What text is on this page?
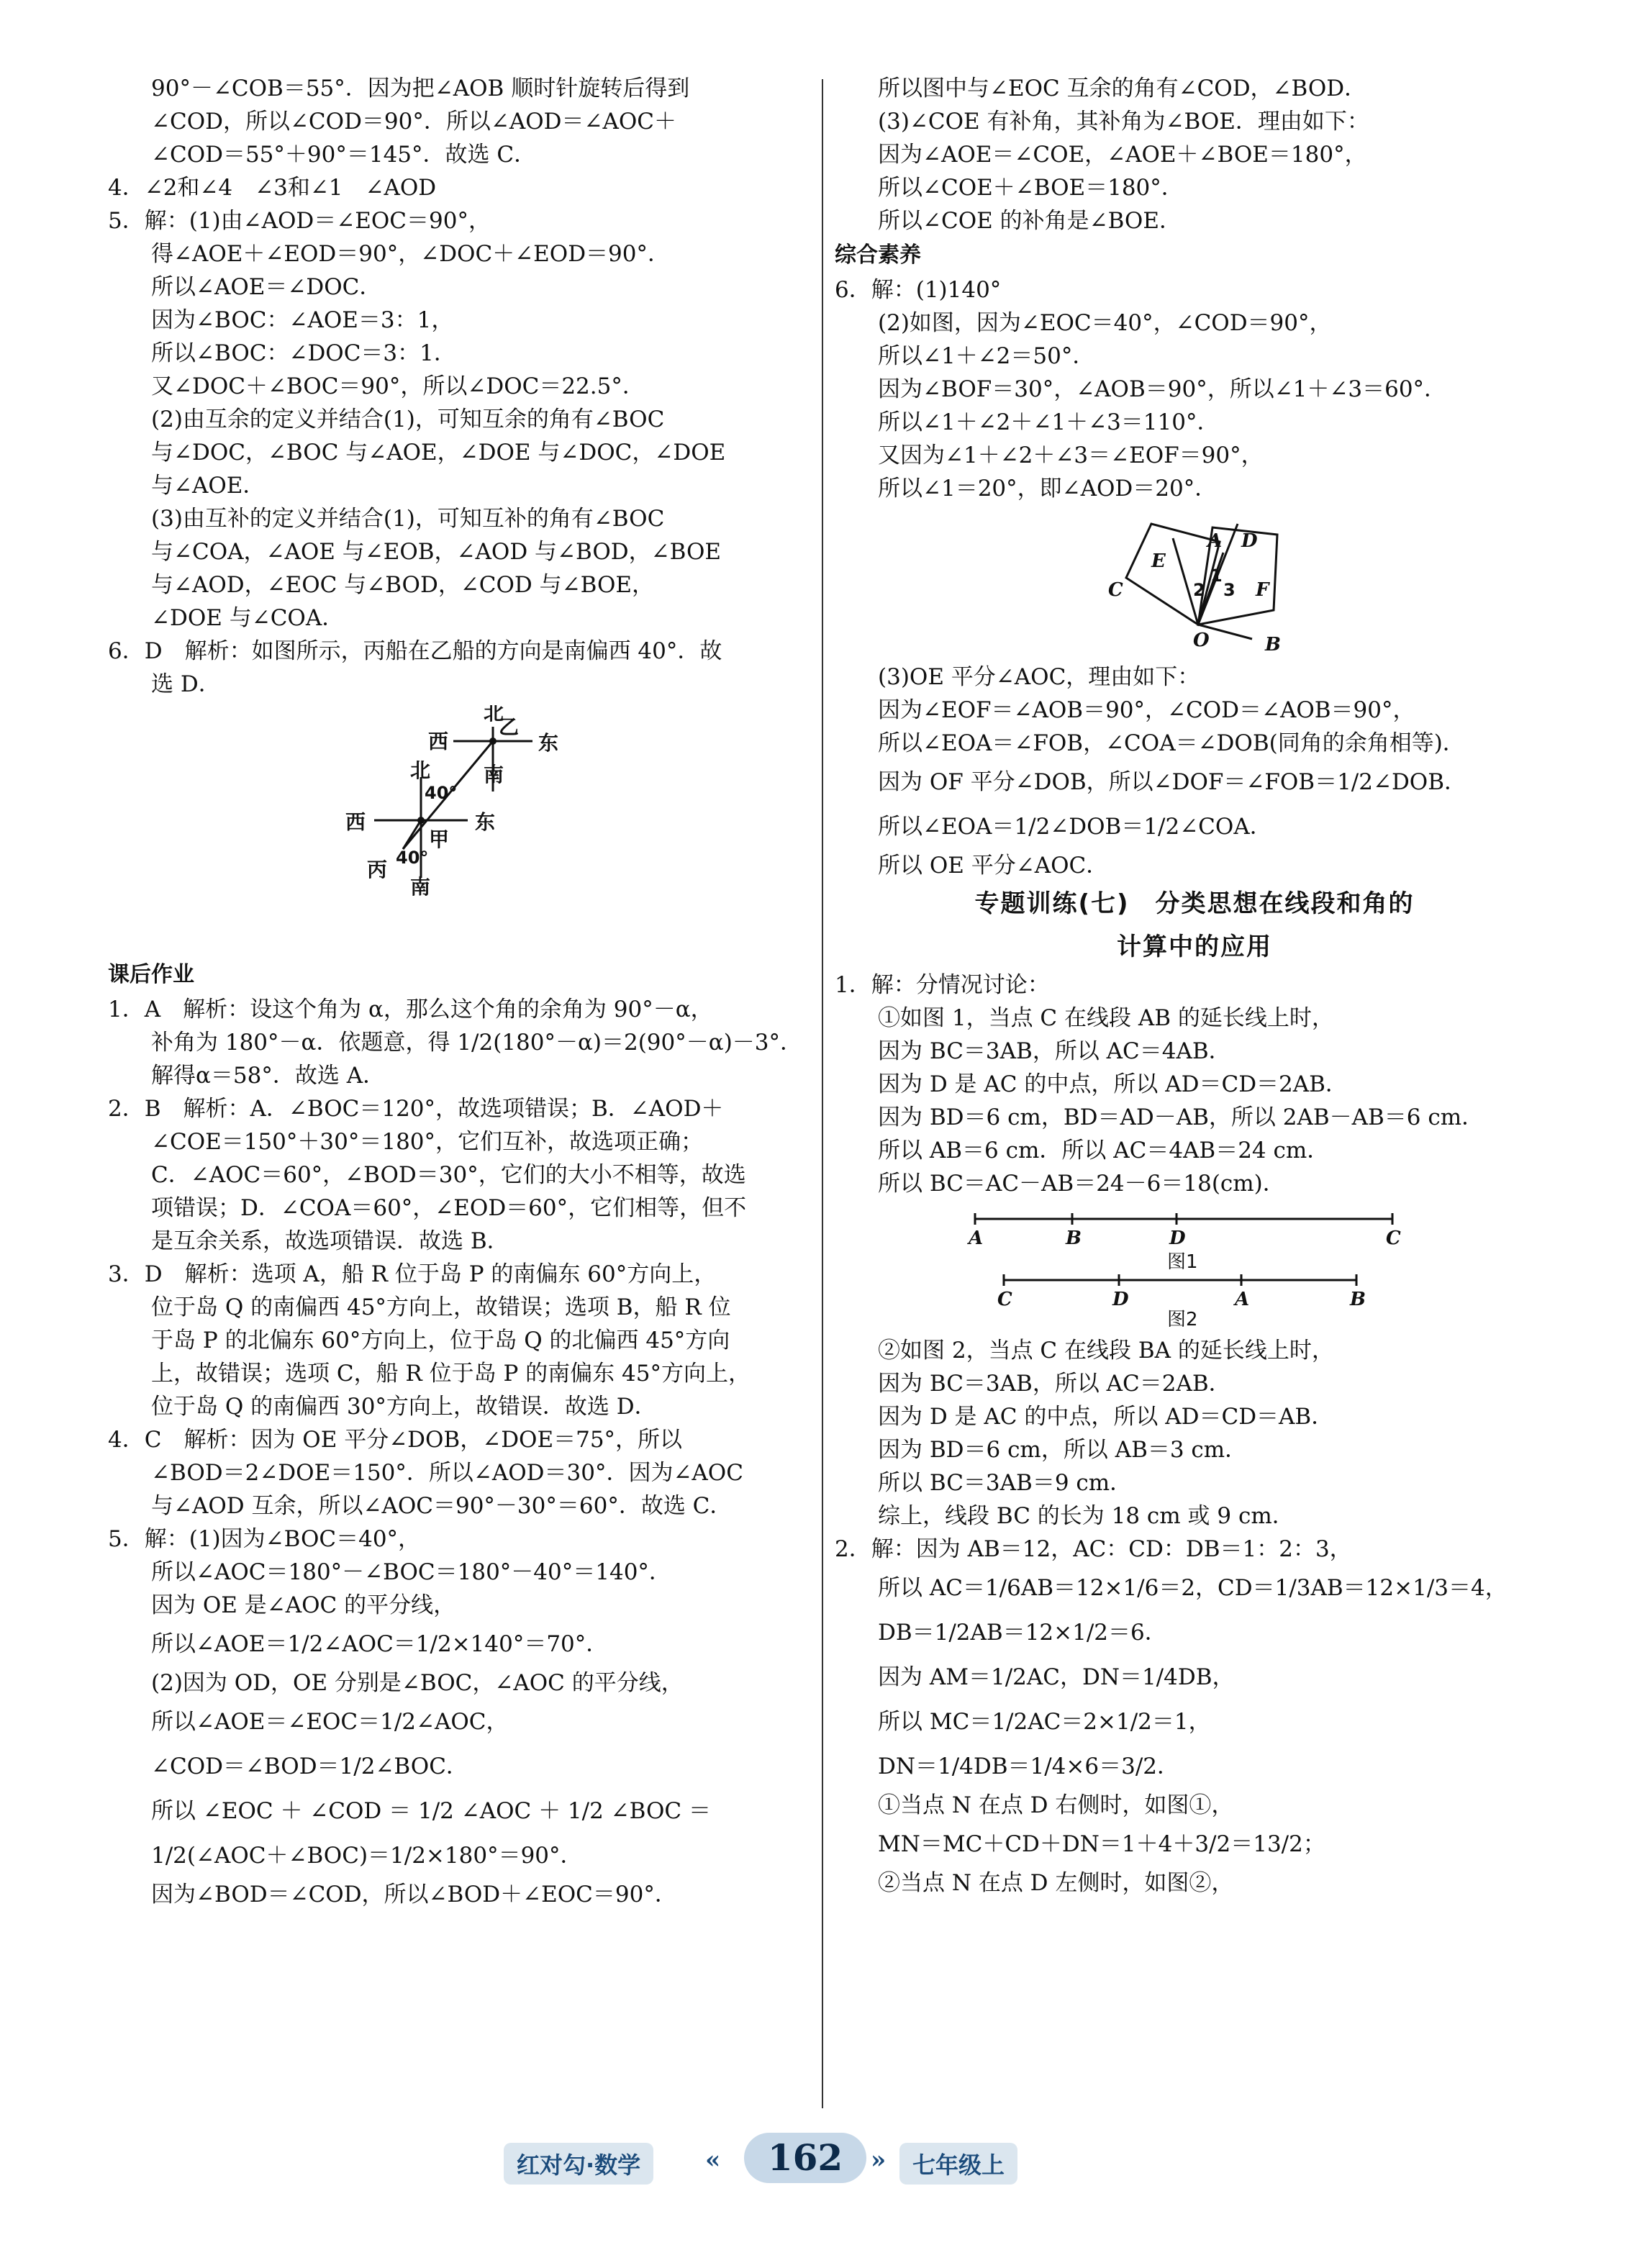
90°－∠COB＝55°．因为把∠AOB 顺时针旋转后得到
∠COD，所以∠COD＝90°．所以∠AOD＝∠AOC＋
∠COD＝55°＋90°＝145°．故选 C．
4．∠2和∠4　∠3和∠1　∠AOD
5．解：(1)由∠AOD＝∠EOC＝90°，
得∠AOE＋∠EOD＝90°，∠DOC＋∠EOD＝90°．
所以∠AOE＝∠DOC．
因为∠BOC：∠AOE＝3：1，
所以∠BOC：∠DOC＝3：1．
又∠DOC＋∠BOC＝90°，所以∠DOC＝22.5°．
(2)由互余的定义并结合(1)，可知互余的角有∠BOC
与∠DOC，∠BOC 与∠AOE，∠DOE 与∠DOC，∠DOE
与∠AOE．
(3)由互补的定义并结合(1)，可知互补的角有∠BOC
与∠COA，∠AOE 与∠EOB，∠AOD 与∠BOD，∠BOE
与∠AOD，∠EOC 与∠BOD，∠COD 与∠BOE，
∠DOE 与∠COA．
6．D　解析：如图所示，丙船在乙船的方向是南偏西 40°．故
选 D．
北
西
乙
东
南
北
40°
西	东
甲
丙 40°
南
课后作业
1．A　解析：设这个角为 α，那么这个角的余角为 90°－α，
补角为 180°－α．依题意，得 1/2(180°－α)＝2(90°－α)－3°．
解得α＝58°．故选 A．
2．B　解析：A．∠BOC＝120°，故选项错误；B．∠AOD＋
∠COE＝150°＋30°＝180°，它们互补，故选项正确；
C．∠AOC＝60°，∠BOD＝30°，它们的大小不相等，故选
项错误；D．∠COA＝60°，∠EOD＝60°，它们相等，但不
是互余关系，故选项错误．故选 B．
3．D　解析：选项 A，船 R 位于岛 P 的南偏东 60°方向上，
位于岛 Q 的南偏西 45°方向上，故错误；选项 B，船 R 位
于岛 P 的北偏东 60°方向上，位于岛 Q 的北偏西 45°方向
上，故错误；选项 C，船 R 位于岛 P 的南偏东 45°方向上，
位于岛 Q 的南偏西 30°方向上，故错误．故选 D．
4．C　解析：因为 OE 平分∠DOB，∠DOE＝75°，所以
∠BOD＝2∠DOE＝150°．所以∠AOD＝30°．因为∠AOC
与∠AOD 互余，所以∠AOC＝90°－30°＝60°．故选 C．
5．解：(1)因为∠BOC＝40°，
所以∠AOC＝180°－∠BOC＝180°－40°＝140°．
因为 OE 是∠AOC 的平分线，
所以∠AOE＝1/2∠AOC＝1/2×140°＝70°．
(2)因为 OD，OE 分别是∠BOC，∠AOC 的平分线，
所以∠AOE＝∠EOC＝1/2∠AOC，
∠COD＝∠BOD＝1/2∠BOC．
所以 ∠EOC ＋ ∠COD ＝ 1/2 ∠AOC ＋ 1/2 ∠BOC ＝
1/2(∠AOC＋∠BOC)＝1/2×180°＝90°．
因为∠BOD＝∠COD，所以∠BOD＋∠EOC＝90°．
所以图中与∠EOC 互余的角有∠COD，∠BOD．
(3)∠COE 有补角，其补角为∠BOE．理由如下：
因为∠AOE＝∠COE，∠AOE＋∠BOE＝180°，
所以∠COE＋∠BOE＝180°．
所以∠COE 的补角是∠BOE．
综合素养
6．解：(1)140°
(2)如图，因为∠EOC＝40°，∠COD＝90°，
所以∠1＋∠2＝50°．
因为∠BOF＝30°，∠AOB＝90°，所以∠1＋∠3＝60°．
所以∠1＋∠2＋∠1＋∠3＝110°．
又因为∠1＋∠2＋∠3＝∠EOF＝90°，
所以∠1＝20°，即∠AOD＝20°．
A D
E
C	F
O	B
1
2 3
(3)OE 平分∠AOC，理由如下：
因为∠EOF＝∠AOB＝90°，∠COD＝∠AOB＝90°，
所以∠EOA＝∠FOB，∠COA＝∠DOB(同角的余角相等)．
因为 OF 平分∠DOB，所以∠DOF＝∠FOB＝1/2∠DOB．
所以∠EOA＝1/2∠DOB＝1/2∠COA．
所以 OE 平分∠AOC．
专题训练(七)　分类思想在线段和角的
计算中的应用
1．解：分情况讨论：
①如图 1，当点 C 在线段 AB 的延长线上时，
因为 BC＝3AB，所以 AC＝4AB．
因为 D 是 AC 的中点，所以 AD＝CD＝2AB．
因为 BD＝6 cm，BD＝AD－AB，所以 2AB－AB＝6 cm．
所以 AB＝6 cm．所以 AC＝4AB＝24 cm．
所以 BC＝AC－AB＝24－6＝18(cm)．
A	B	D	C
C	D	A	B
图1
图2
②如图 2，当点 C 在线段 BA 的延长线上时，
因为 BC＝3AB，所以 AC＝2AB．
因为 D 是 AC 的中点，所以 AD＝CD＝AB．
因为 BD＝6 cm，所以 AB＝3 cm．
所以 BC＝3AB＝9 cm．
综上，线段 BC 的长为 18 cm 或 9 cm．
2．解：因为 AB＝12，AC：CD：DB＝1：2：3，
所以 AC＝1/6AB＝12×1/6＝2，CD＝1/3AB＝12×1/3＝4，
DB＝1/2AB＝12×1/2＝6．
因为 AM＝1/2AC，DN＝1/4DB，
所以 MC＝1/2AC＝2×1/2＝1，
DN＝1/4DB＝1/4×6＝3/2．
①当点 N 在点 D 右侧时，如图①，
MN＝MC＋CD＋DN＝1＋4＋3/2＝13/2；
②当点 N 在点 D 左侧时，如图②，
红对勾·数学	«	162	»	七年级上
